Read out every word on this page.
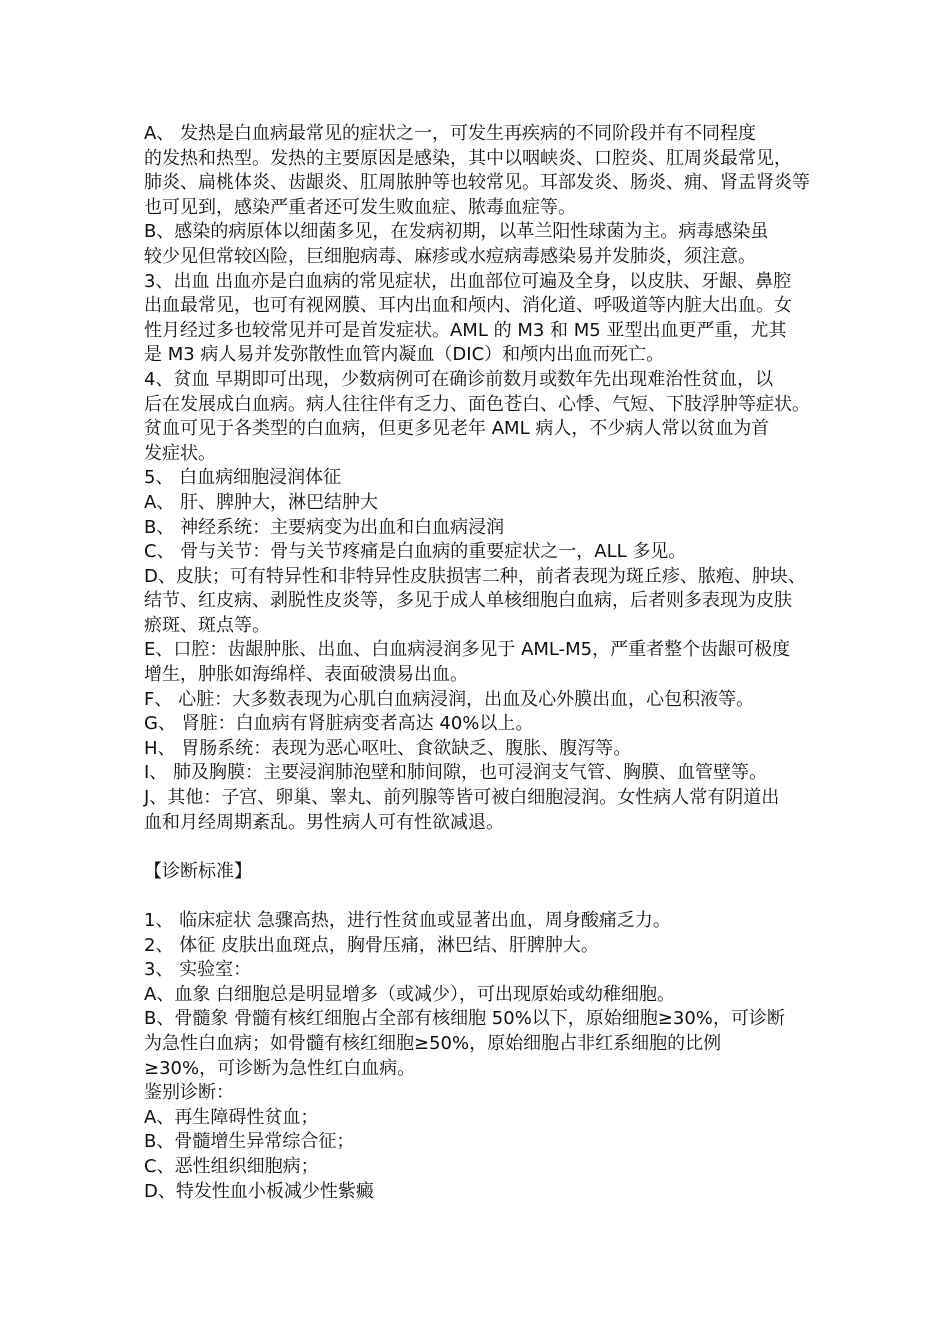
A、 发热是白血病最常见的症状之一，可发生再疾病的不同阶段并有不同程度
的发热和热型。发热的主要原因是感染，其中以咽峡炎、口腔炎、肛周炎最常见，
肺炎、扁桃体炎、齿龈炎、肛周脓肿等也较常见。耳部发炎、肠炎、痈、肾盂肾炎等
也可见到，感染严重者还可发生败血症、脓毒血症等。
B、感染的病原体以细菌多见，在发病初期，以革兰阳性球菌为主。病毒感染虽
较少见但常较凶险，巨细胞病毒、麻疹或水痘病毒感染易并发肺炎，须注意。
3、出血 出血亦是白血病的常见症状，出血部位可遍及全身，以皮肤、牙龈、鼻腔
出血最常见，也可有视网膜、耳内出血和颅内、消化道、呼吸道等内脏大出血。女
性月经过多也较常见并可是首发症状。AML 的 M3 和 M5 亚型出血更严重，尤其
是 M3 病人易并发弥散性血管内凝血（DIC）和颅内出血而死亡。
4、贫血 早期即可出现，少数病例可在确诊前数月或数年先出现难治性贫血，以
后在发展成白血病。病人往往伴有乏力、面色苍白、心悸、气短、下肢浮肿等症状。
贫血可见于各类型的白血病，但更多见老年 AML 病人，不少病人常以贫血为首
发症状。
5、 白血病细胞浸润体征
A、 肝、脾肿大，淋巴结肿大
B、 神经系统：主要病变为出血和白血病浸润
C、 骨与关节：骨与关节疼痛是白血病的重要症状之一，ALL 多见。
D、皮肤；可有特异性和非特异性皮肤损害二种，前者表现为斑丘疹、脓疱、肿块、
结节、红皮病、剥脱性皮炎等，多见于成人单核细胞白血病，后者则多表现为皮肤
瘀斑、斑点等。
E、口腔：齿龈肿胀、出血、白血病浸润多见于 AML-M5，严重者整个齿龈可极度
增生，肿胀如海绵样、表面破溃易出血。
F、 心脏：大多数表现为心肌白血病浸润，出血及心外膜出血，心包积液等。
G、 肾脏：白血病有肾脏病变者高达 40%以上。
H、 胃肠系统：表现为恶心呕吐、食欲缺乏、腹胀、腹泻等。
I、 肺及胸膜：主要浸润肺泡壁和肺间隙，也可浸润支气管、胸膜、血管壁等。
J、其他：子宫、卵巢、睾丸、前列腺等皆可被白细胞浸润。女性病人常有阴道出
血和月经周期紊乱。男性病人可有性欲减退。
【诊断标准】
1、 临床症状 急骤高热，进行性贫血或显著出血，周身酸痛乏力。
2、 体征 皮肤出血斑点，胸骨压痛，淋巴结、肝脾肿大。
3、 实验室：
A、血象 白细胞总是明显增多（或减少），可出现原始或幼稚细胞。
B、骨髓象 骨髓有核红细胞占全部有核细胞 50%以下，原始细胞≥30%，可诊断
为急性白血病；如骨髓有核红细胞≥50%，原始细胞占非红系细胞的比例
≥30%，可诊断为急性红白血病。
鉴别诊断：
A、再生障碍性贫血；
B、骨髓增生异常综合征；
C、恶性组织细胞病；
D、特发性血小板减少性紫癜
